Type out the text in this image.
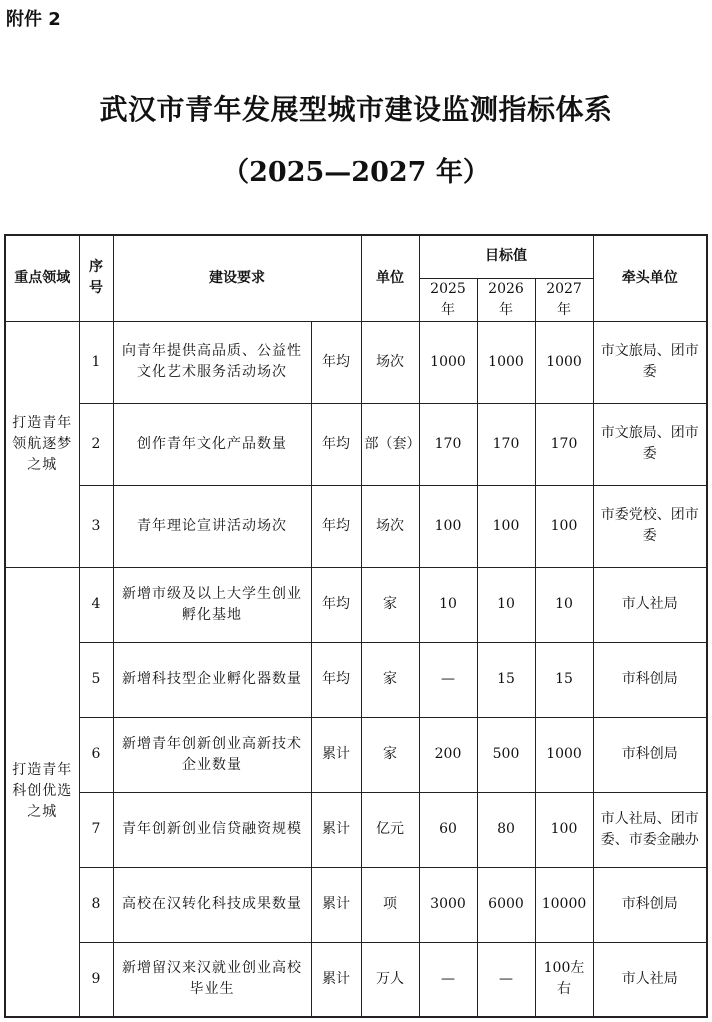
附件 2
武汉市青年发展型城市建设监测指标体系
（2025—2027 年）
重点领域	序号	建设要求		单位	目标值			牵头单位
					2025 年	2026 年	2027 年	
打造青年领航逐梦之城	1	向青年提供高品质、公益性文化艺术服务活动场次	年均	场次	1000	1000	1000	市文旅局、团市委
	2	创作青年文化产品数量	年均	部（套）	170	170	170	市文旅局、团市委
	3	青年理论宣讲活动场次	年均	场次	100	100	100	市委党校、团市委
打造青年科创优选之城	4	新增市级及以上大学生创业孵化基地	年均	家	10	10	10	市人社局
	5	新增科技型企业孵化器数量	年均	家	—	15	15	市科创局
	6	新增青年创新创业高新技术企业数量	累计	家	200	500	1000	市科创局
	7	青年创新创业信贷融资规模	累计	亿元	60	80	100	市人社局、团市委、市委金融办
	8	高校在汉转化科技成果数量	累计	项	3000	6000	10000	市科创局
	9	新增留汉来汉就业创业高校毕业生	累计	万人	—	—	100左右	市人社局
